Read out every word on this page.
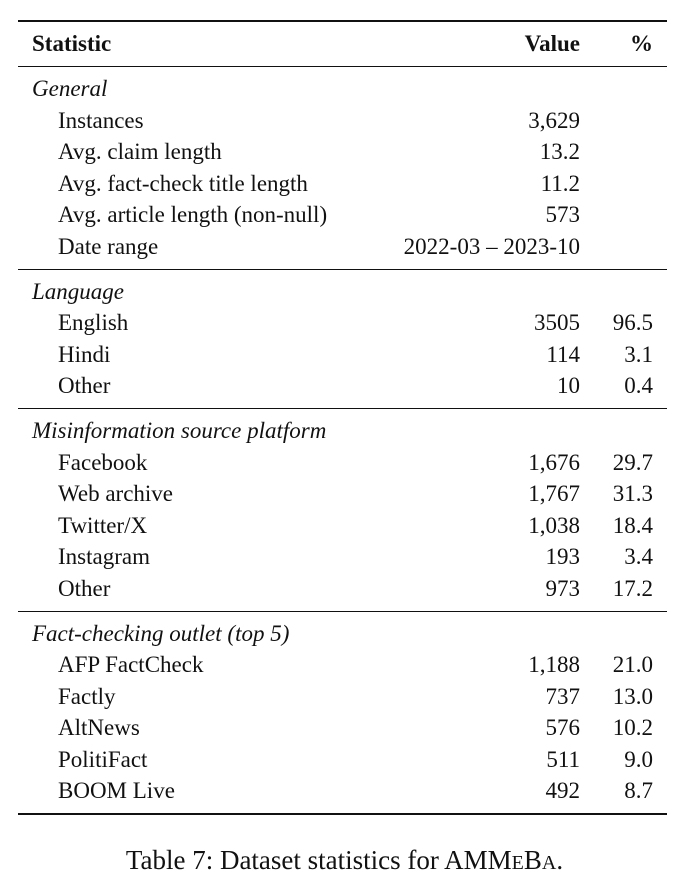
Statistic	Value %
General
Instances	3,629
Avg. claim length	13.2
Avg. fact-check title length	11.2
Avg. article length (non-null)	573
Date range	2022-03 – 2023-10
Language
English	3505 96.5
Hindi	114 3.1
Other	10 0.4
Misinformation source platform
Facebook	1,676 29.7
Web archive	1,767 31.3
Twitter/X	1,038 18.4
Instagram	193 3.4
Other	973 17.2
Fact-checking outlet (top 5)
AFP FactCheck	1,188 21.0
Factly	737 13.0
AltNews	576 10.2
PolitiFact	511 9.0
BOOM Live	492 8.7
Table 7: Dataset statistics for AMMEBA.
